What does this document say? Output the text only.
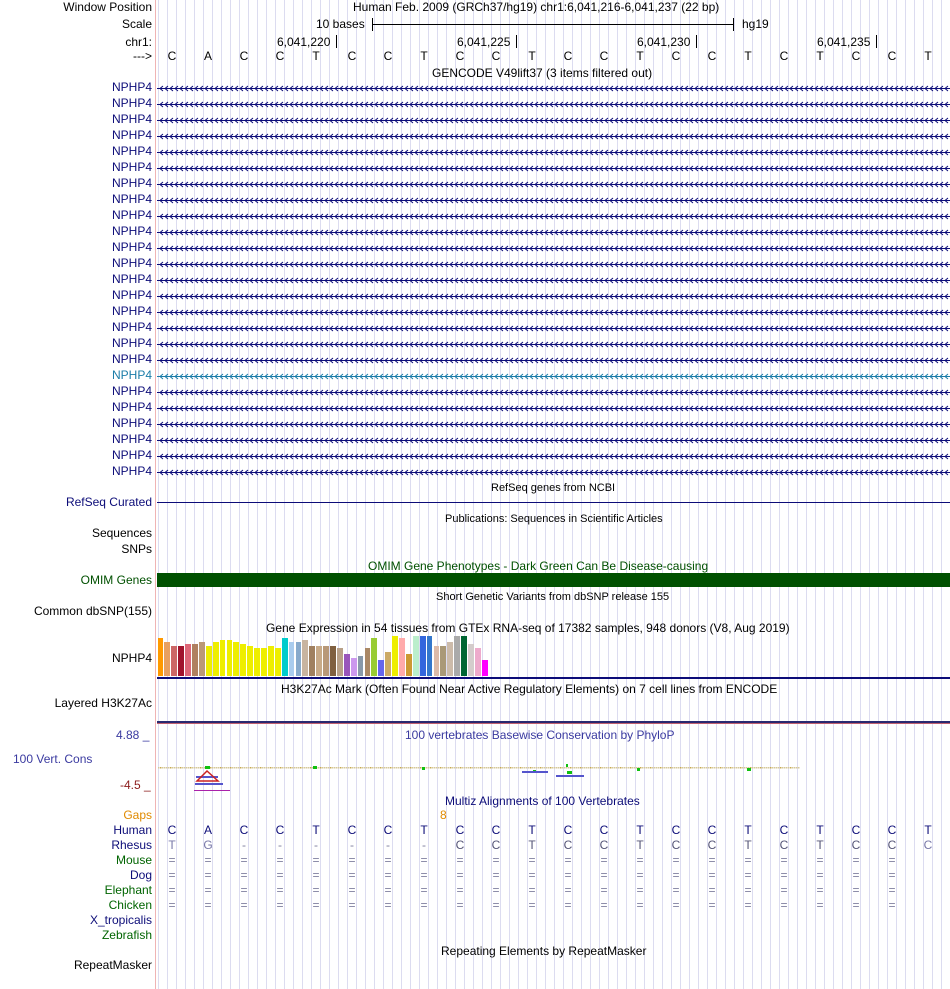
Window Position	Human Feb. 2009 (GRCh37/hg19) chr1:6,041,216-6,041,237 (22 bp)
Scale	10 bases	hg19
chr1:	6,041,220	6,041,225	6,041,230	6,041,235
--->	C	A	C	C	T	C	C	T	C	C	T	C	C	T	C	C	T	C	T	C	C	T
GENCODE V49lift37 (3 items filtered out)
NPHP4
NPHP4
NPHP4
NPHP4
NPHP4
NPHP4
NPHP4
NPHP4
NPHP4
NPHP4
NPHP4
NPHP4
NPHP4
NPHP4
NPHP4
NPHP4
NPHP4
NPHP4
NPHP4
NPHP4
NPHP4
NPHP4
NPHP4
NPHP4
NPHP4
RefSeq genes from NCBI
RefSeq Curated
Publications: Sequences in Scientific Articles
Sequences
SNPs
OMIM Gene Phenotypes - Dark Green Can Be Disease-causing
OMIM Genes
Short Genetic Variants from dbSNP release 155
Common dbSNP(155)
Gene Expression in 54 tissues from GTEx RNA-seq of 17382 samples, 948 donors (V8, Aug 2019)
NPHP4
H3K27Ac Mark (Often Found Near Active Regulatory Elements) on 7 cell lines from ENCODE
Layered H3K27Ac
4.88 _	100 vertebrates Basewise Conservation by PhyloP
100 Vert. Cons
-4.5 _
Multiz Alignments of 100 Vertebrates
Gaps	8
Human	C	A	C	C	T	C	C	T	C	C	T	C	C	T	C	C	T	C	T	C	C	T
Rhesus	T	G	-	-	-	-	-	-	C	C	T	C	C	T	C	C	T	C	T	C	C	C
Mouse	=	=	=	=	=	=	=	=	=	=	=	=	=	=	=	=	=	=	=	=	=
Dog	=	=	=	=	=	=	=	=	=	=	=	=	=	=	=	=	=	=	=	=	=
Elephant	=	=	=	=	=	=	=	=	=	=	=	=	=	=	=	=	=	=	=	=	=
Chicken	=	=	=	=	=	=	=	=	=	=	=	=	=	=	=	=	=	=	=	=	=
X_tropicalis
Zebrafish
Repeating Elements by RepeatMasker
RepeatMasker
